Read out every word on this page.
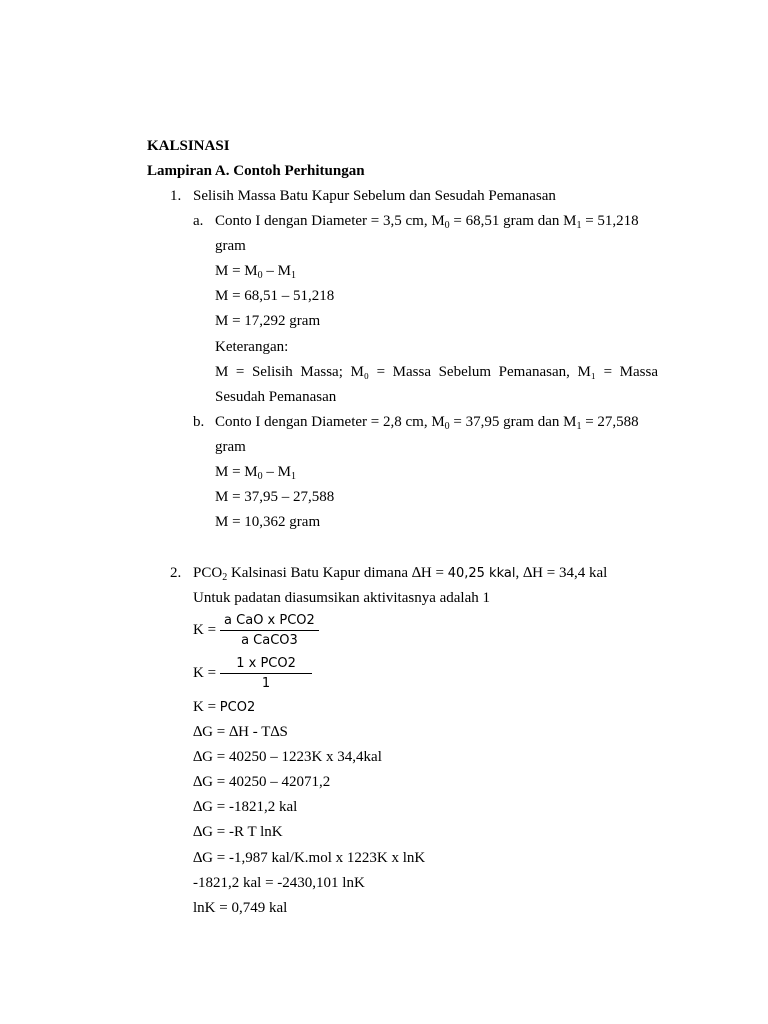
KALSINASI
Lampiran A. Contoh Perhitungan
1. Selisih Massa Batu Kapur Sebelum dan Sesudah Pemanasan
a. Conto I dengan Diameter = 3,5 cm, $M_0 = 68,51$ gram dan $M_1 = 51,218$
gram
$M = M_0 - M_1$
M = 68,51 – 51,218
M = 17,292 gram
Keterangan:
M = Selisih Massa; M₀ = Massa Sebelum Pemanasan, M₁ = Massa
Sesudah Pemanasan
b. Conto I dengan Diameter = 2,8 cm, $M_0 = 37,95$ gram dan $M_1 = 27,588$
gram
$M = M_0 - M_1$
M = 37,95 – 27,588
M = 10,362 gram
2. $PCO_2$ Kalsinasi Batu Kapur dimana ∆H = 40,25 kkal, ∆H = 34,4 kal
Untuk padatan diasumsikan aktivitasnya adalah 1
$K = \frac{\text{a CaO x PCO2}}{\text{a CaCO3}}$
$K = \frac{\text{1 x PCO2}}{1}$
K = PCO2
∆G = ∆H - T∆S
∆G = 40250 – 1223K x 34,4kal
∆G = 40250 – 42071,2
∆G = -1821,2 kal
∆G = -R T lnK
∆G = -1,987 kal/K.mol x 1223K x lnK
-1821,2 kal = -2430,101 lnK
lnK = 0,749 kal
